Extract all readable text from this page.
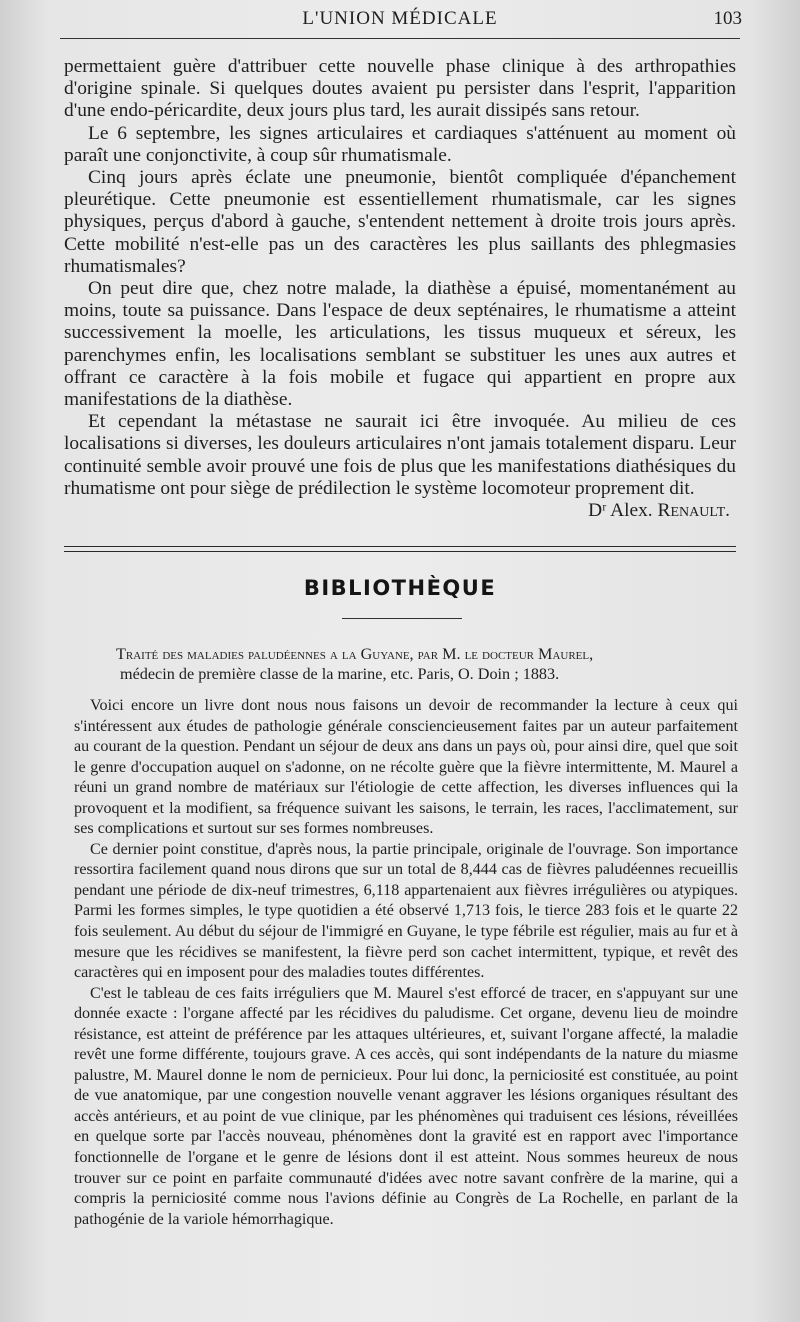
L'UNION MÉDICALE	103

permettaient guère d'attribuer cette nouvelle phase clinique à des arthropathies d'origine spinale. Si quelques doutes avaient pu persister dans l'esprit, l'apparition d'une endo-péricardite, deux jours plus tard, les aurait dissipés sans retour.

Le 6 septembre, les signes articulaires et cardiaques s'atténuent au moment où paraît une conjonctivite, à coup sûr rhumatismale.

Cinq jours après éclate une pneumonie, bientôt compliquée d'épanchement pleurétique. Cette pneumonie est essentiellement rhumatismale, car les signes physiques, perçus d'abord à gauche, s'entendent nettement à droite trois jours après. Cette mobilité n'est-elle pas un des caractères les plus saillants des phlegmasies rhumatismales?

On peut dire que, chez notre malade, la diathèse a épuisé, momentanément au moins, toute sa puissance. Dans l'espace de deux septénaires, le rhumatisme a atteint successivement la moelle, les articulations, les tissus muqueux et séreux, les parenchymes enfin, les localisations semblant se substituer les unes aux autres et offrant ce caractère à la fois mobile et fugace qui appartient en propre aux manifestations de la diathèse.

Et cependant la métastase ne saurait ici être invoquée. Au milieu de ces localisations si diverses, les douleurs articulaires n'ont jamais totalement disparu. Leur continuité semble avoir prouvé une fois de plus que les manifestations diathésiques du rhumatisme ont pour siège de prédilection le système locomoteur proprement dit.

Dʳ Alex. Renault.
BIBLIOTHÈQUE

Traité des maladies paludéennes a la Guyane, par M. le docteur Maurel,
médecin de première classe de la marine, etc. Paris, O. Doin ; 1883.

Voici encore un livre dont nous nous faisons un devoir de recommander la lecture à ceux qui s'intéressent aux études de pathologie générale consciencieusement faites par un auteur parfaitement au courant de la question. Pendant un séjour de deux ans dans un pays où, pour ainsi dire, quel que soit le genre d'occupation auquel on s'adonne, on ne récolte guère que la fièvre intermittente, M. Maurel a réuni un grand nombre de matériaux sur l'étiologie de cette affection, les diverses influences qui la provoquent et la modifient, sa fréquence suivant les saisons, le terrain, les races, l'acclimatement, sur ses complications et surtout sur ses formes nombreuses.

Ce dernier point constitue, d'après nous, la partie principale, originale de l'ouvrage. Son importance ressortira facilement quand nous dirons que sur un total de 8,444 cas de fièvres paludéennes recueillis pendant une période de dix-neuf trimestres, 6,118 appartenaient aux fièvres irrégulières ou atypiques. Parmi les formes simples, le type quotidien a été observé 1,713 fois, le tierce 283 fois et le quarte 22 fois seulement. Au début du séjour de l'immigré en Guyane, le type fébrile est régulier, mais au fur et à mesure que les récidives se manifestent, la fièvre perd son cachet intermittent, typique, et revêt des caractères qui en imposent pour des maladies toutes différentes.

C'est le tableau de ces faits irréguliers que M. Maurel s'est efforcé de tracer, en s'appuyant sur une donnée exacte : l'organe affecté par les récidives du paludisme. Cet organe, devenu lieu de moindre résistance, est atteint de préférence par les attaques ultérieures, et, suivant l'organe affecté, la maladie revêt une forme différente, toujours grave. A ces accès, qui sont indépendants de la nature du miasme palustre, M. Maurel donne le nom de pernicieux. Pour lui donc, la perniciosité est constituée, au point de vue anatomique, par une congestion nouvelle venant aggraver les lésions organiques résultant des accès antérieurs, et au point de vue clinique, par les phénomènes qui traduisent ces lésions, réveillées en quelque sorte par l'accès nouveau, phénomènes dont la gravité est en rapport avec l'importance fonctionnelle de l'organe et le genre de lésions dont il est atteint. Nous sommes heureux de nous trouver sur ce point en parfaite communauté d'idées avec notre savant confrère de la marine, qui a compris la perniciosité comme nous l'avions définie au Congrès de La Rochelle, en parlant de la pathogénie de la variole hémorrhagique.
